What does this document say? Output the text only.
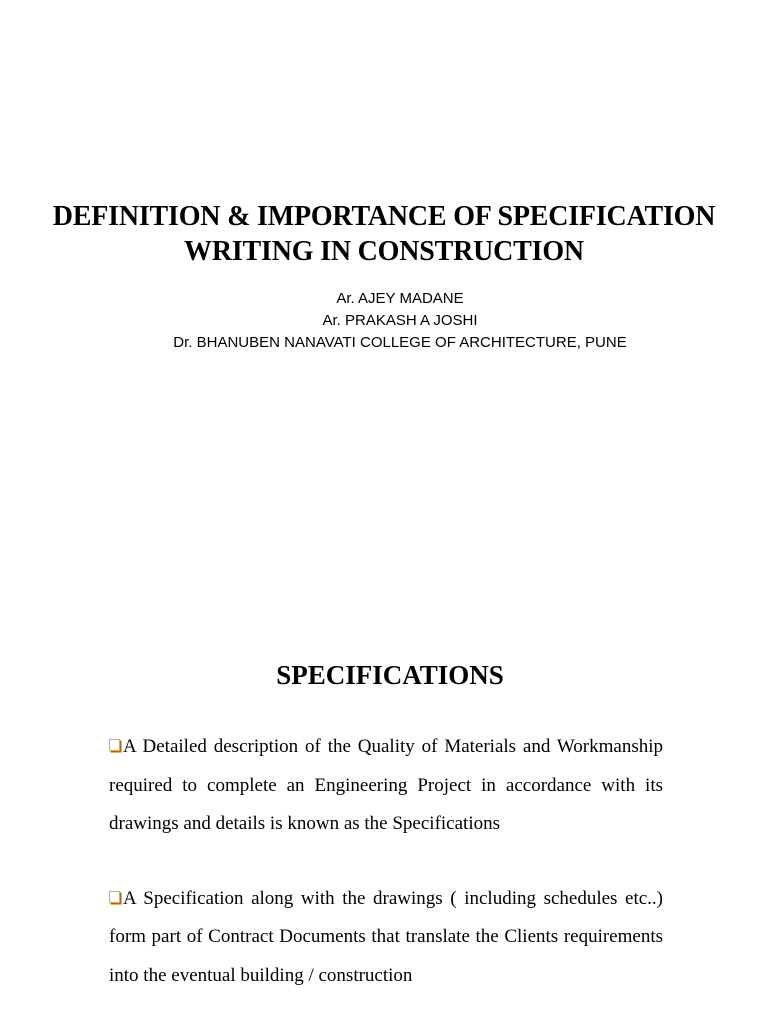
DEFINITION & IMPORTANCE OF SPECIFICATION
WRITING IN CONSTRUCTION
Ar. AJEY MADANE
Ar. PRAKASH A JOSHI
Dr. BHANUBEN NANAVATI COLLEGE OF ARCHITECTURE, PUNE
SPECIFICATIONS
A Detailed description of the Quality of Materials and Workmanship required to complete an Engineering Project in accordance with its drawings and details is known as the Specifications
A Specification along with the drawings ( including schedules etc..) form part of Contract Documents that translate the Clients requirements into the eventual building / construction
